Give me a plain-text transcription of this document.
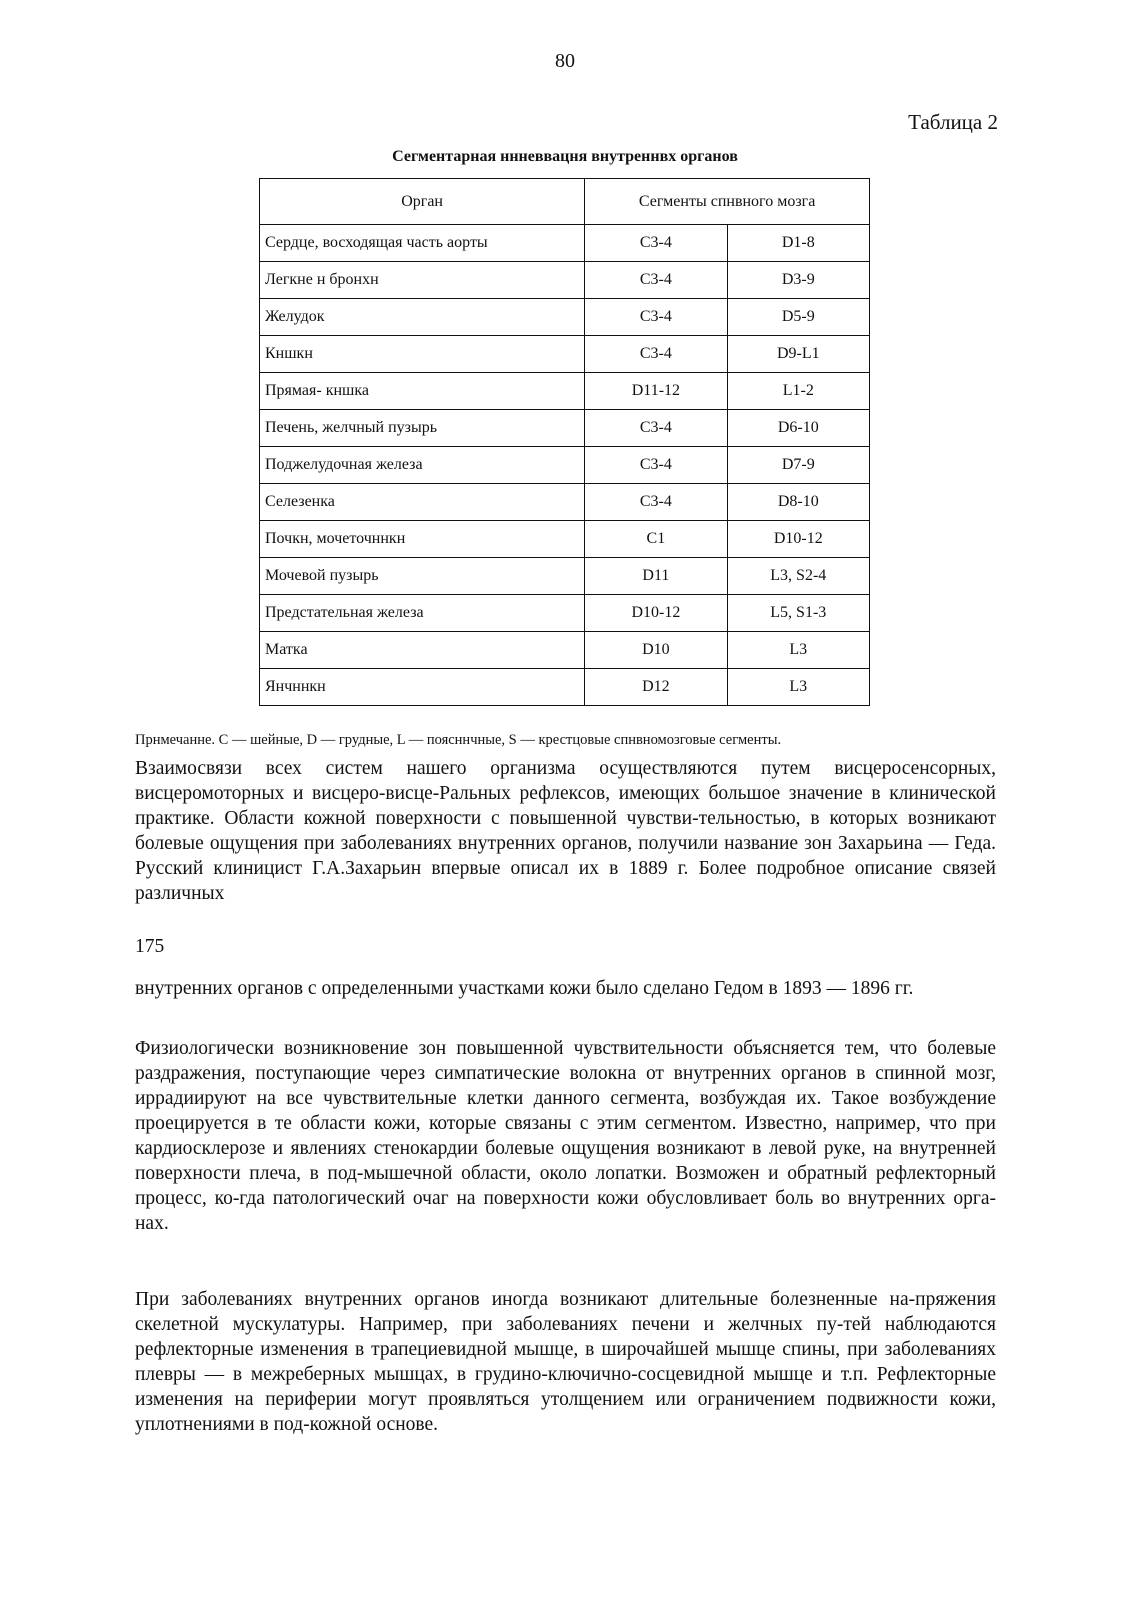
80
Таблица 2
Сегментарная ннневвацня внутреннвх органов
Орган	Сегменты спнвного мозга	
Сердце, восходящая часть аорты	С3-4	D1-8
Легкне н бронхн	С3-4	D3-9
Желудок	С3-4	D5-9
Кншкн	С3-4	D9-L1
Прямая- кншка	D11-12	L1-2
Печень, желчный пузырь	С3-4	D6-10
Поджелудочная железа	С3-4	D7-9
Селезенка	С3-4	D8-10
Почкн, мочеточннкн	С1	D10-12
Мочевой пузырь	D11	L3, S2-4
Предстательная железа	D10-12	L5, S1-3
Матка	D10	L3
Янчннкн	D12	L3
Прнмечанне. С — шейные, D — грудные, L — поясннчные, S — крестцовые спнвномозговые сегменты.

Взаимосвязи всех систем нашего организма осуществляются путем висцеросенсорных, висцеромоторных и висцеро-висце-Ральных рефлексов, имеющих большое значение в клинической практике. Области кожной поверхности с повышенной чувстви-тельностью, в которых возникают болевые ощущения при заболеваниях внутренних органов, получили название зон Захарьина — Геда. Русский клиницист Г.А.Захарьин впервые описал их в 1889 г. Более подробное описание связей различных

175

внутренних органов с определенными участками кожи было сделано Гедом в 1893 — 1896 гг.

Физиологически возникновение зон повышенной чувствительности объясняется тем, что болевые раздражения, поступающие через симпатические волокна от внутренних органов в спинной мозг, иррадиируют на все чувствительные клетки данного сегмента, возбуждая их. Такое возбуждение проецируется в те области кожи, которые связаны с этим сегментом. Известно, например, что при кардиосклерозе и явлениях стенокардии болевые ощущения возникают в левой руке, на внутренней поверхности плеча, в под-мышечной области, около лопатки. Возможен и обратный рефлекторный процесс, ко-гда патологический очаг на поверхности кожи обусловливает боль во внутренних орга-нах.

При заболеваниях внутренних органов иногда возникают длительные болезненные на-пряжения скелетной мускулатуры. Например, при заболеваниях печени и желчных пу-тей наблюдаются рефлекторные изменения в трапециевидной мышце, в широчайшей мышце спины, при заболеваниях плевры — в межреберных мышцах, в грудино-ключично-сосцевидной мышце и т.п. Рефлекторные изменения на периферии могут проявляться утолщением или ограничением подвижности кожи, уплотнениями в под-кожной основе.
